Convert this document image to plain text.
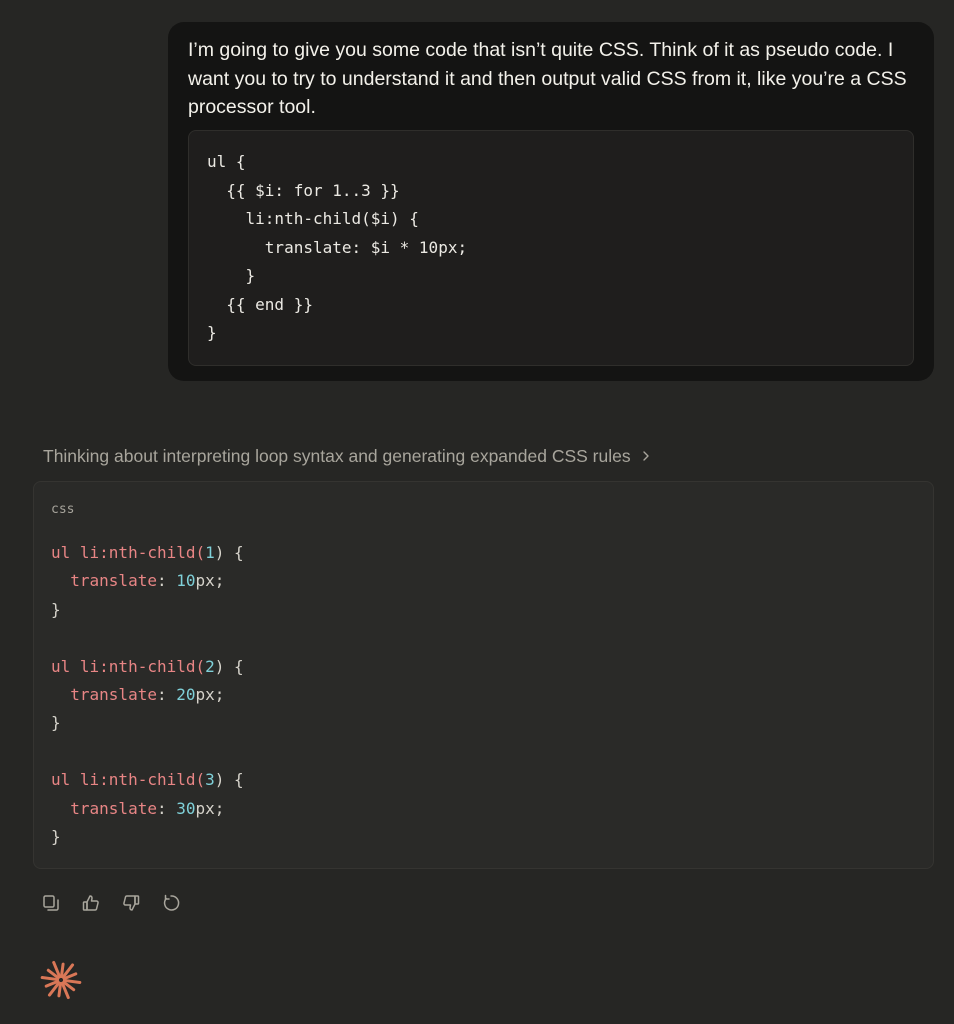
I’m going to give you some code that isn’t quite CSS. Think of it as pseudo code. I want you to try to understand it and then output valid CSS from it, like you’re a CSS processor tool.

ul {
{{ $i: for 1..3 }}
li:nth-child($i) {
translate: $i * 10px;
}
{{ end }}
}
Thinking about interpreting loop syntax and generating expanded CSS rules
css
ul li:nth-child(1) {
translate: 10px;
}

ul li:nth-child(2) {
translate: 20px;
}

ul li:nth-child(3) {
translate: 30px;
}
